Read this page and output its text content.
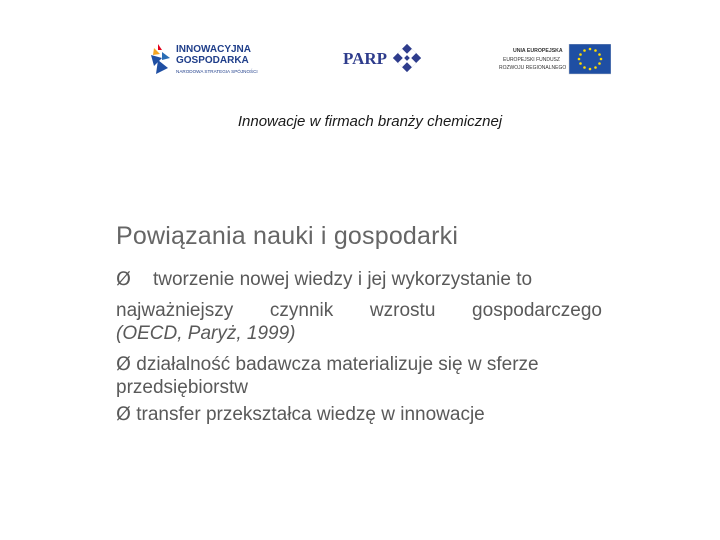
INNOWACYJNA
GOSPODARKA
NARODOWA STRATEGIA SPÓJNOŚCI
PARP	UNIA EUROPEJSKA
EUROPEJSKI FUNDUSZ
ROZWOJU REGIONALNEGO
Innowacje w firmach branży chemicznej
Powiązania nauki i gospodarki
Ø tworzenie nowej wiedzy i jej wykorzystanie to
najważniejszy czynnik wzrostu gospodarczego
(OECD, Paryż, 1999)
Ø działalność badawcza materializuje się w sferze przedsiębiorstw
Ø transfer przekształca wiedzę w innowacje
